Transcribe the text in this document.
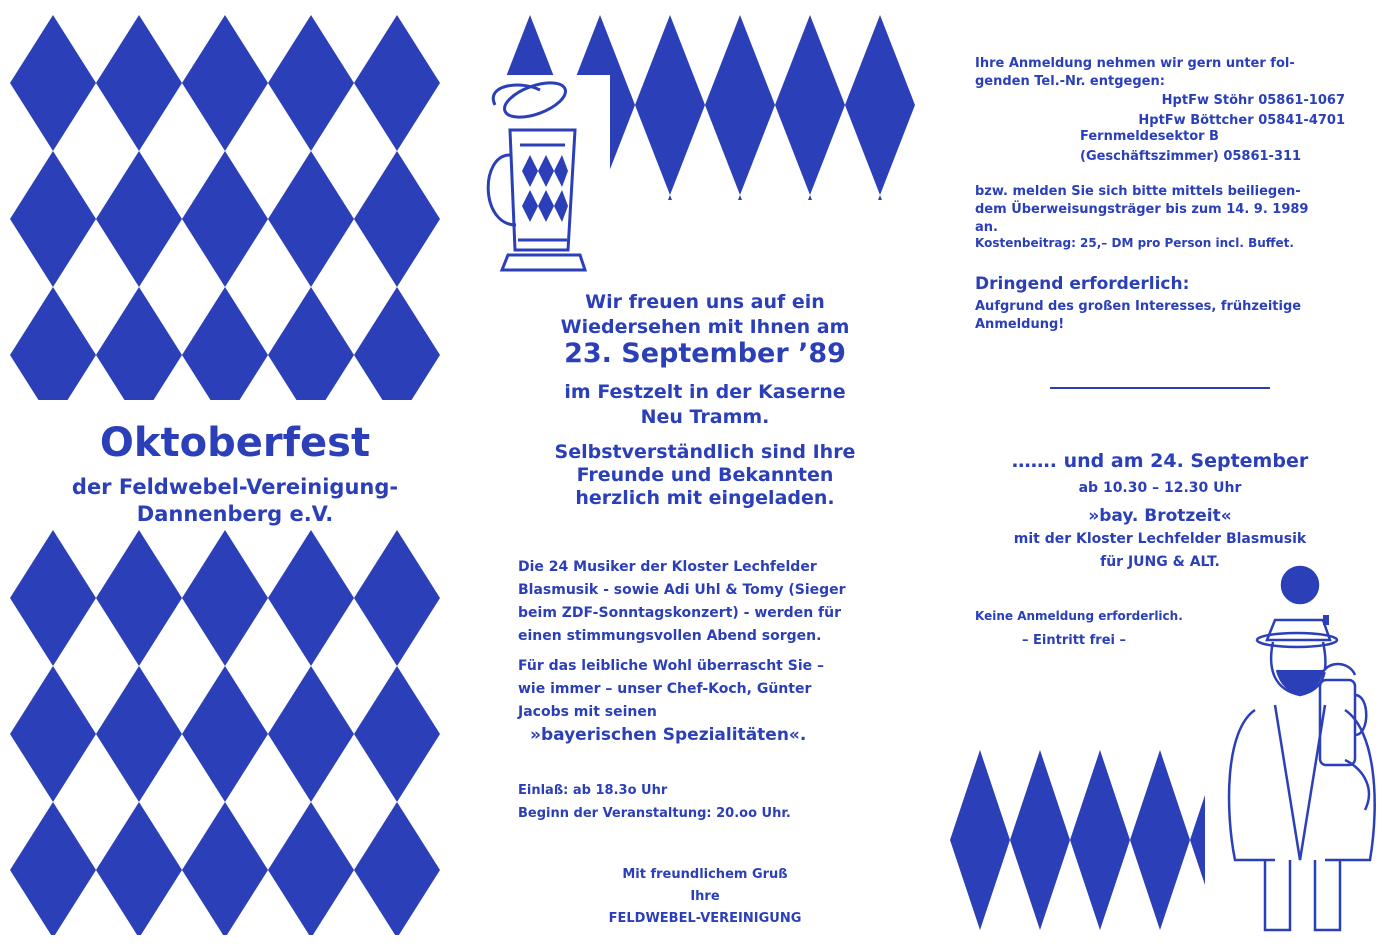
Oktoberfest
der Feldwebel-Vereinigung-
Dannenberg e.V.
Wir freuen uns auf ein
Wiedersehen mit Ihnen am
23. September ’89
im Festzelt in der Kaserne
Neu Tramm.
Selbstverständlich sind Ihre
Freunde und Bekannten
herzlich mit eingeladen.
Die 24 Musiker der Kloster Lechfelder
Blasmusik - sowie Adi Uhl & Tomy (Sieger
beim ZDF-Sonntagskonzert) - werden für
einen stimmungsvollen Abend sorgen.
Für das leibliche Wohl überrascht Sie –
wie immer – unser Chef-Koch, Günter
Jacobs mit seinen
»bayerischen Spezialitäten«.
Einlaß: ab 18.3o Uhr
Beginn der Veranstaltung: 20.oo Uhr.
Mit freundlichem Gruß
Ihre
FELDWEBEL-VEREINIGUNG
Ihre Anmeldung nehmen wir gern unter fol-
genden Tel.-Nr. entgegen:
HptFw Stöhr 05861-1067
HptFw Böttcher 05841-4701
Fernmeldesektor B
(Geschäftszimmer) 05861-311
bzw. melden Sie sich bitte mittels beiliegen-
dem Überweisungsträger bis zum 14. 9. 1989
an.
Kostenbeitrag: 25,– DM pro Person incl. Buffet.
Dringend erforderlich:
Aufgrund des großen Interesses, frühzeitige
Anmeldung!
……. und am 24. September
ab 10.30 – 12.30 Uhr
»bay. Brotzeit«
mit der Kloster Lechfelder Blasmusik
für JUNG & ALT.
Keine Anmeldung erforderlich.
– Eintritt frei –
